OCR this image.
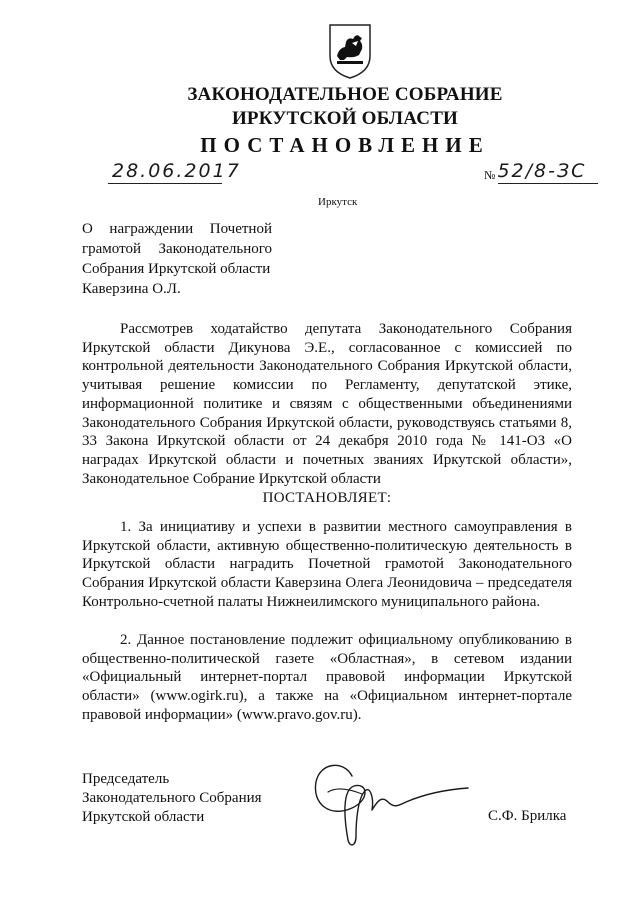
ЗАКОНОДАТЕЛЬНОЕ СОБРАНИЕ
ИРКУТСКОЙ ОБЛАСТИ
ПОСТАНОВЛЕНИЕ
28.06.2017	№ 52/8-ЗС
Иркутск
О награждении Почетной
грамотой Законодательного
Собрания Иркутской области
Каверзина О.Л.
Рассмотрев ходатайство депутата Законодательного Собрания Иркутской области Дикунова Э.Е., согласованное с комиссией по контрольной деятельности Законодательного Собрания Иркутской области, учитывая решение комиссии по Регламенту, депутатской этике, информационной политике и связям с общественными объединениями Законодательного Собрания Иркутской области, руководствуясь статьями 8, 33 Закона Иркутской области от 24 декабря 2010 года № 141-ОЗ «О наградах Иркутской области и почетных званиях Иркутской области», Законодательное Собрание Иркутской области
ПОСТАНОВЛЯЕТ:
1. За инициативу и успехи в развитии местного самоуправления в Иркутской области, активную общественно-политическую деятельность в Иркутской области наградить Почетной грамотой Законодательного Собрания Иркутской области Каверзина Олега Леонидовича – председателя Контрольно-счетной палаты Нижнеилимского муниципального района.
2. Данное постановление подлежит официальному опубликованию в общественно-политической газете «Областная», в сетевом издании «Официальный интернет-портал правовой информации Иркутской области» (www.ogirk.ru), а также на «Официальном интернет-портале правовой информации» (www.pravo.gov.ru).
Председатель
Законодательного Собрания
Иркутской области	С.Ф. Брилка
